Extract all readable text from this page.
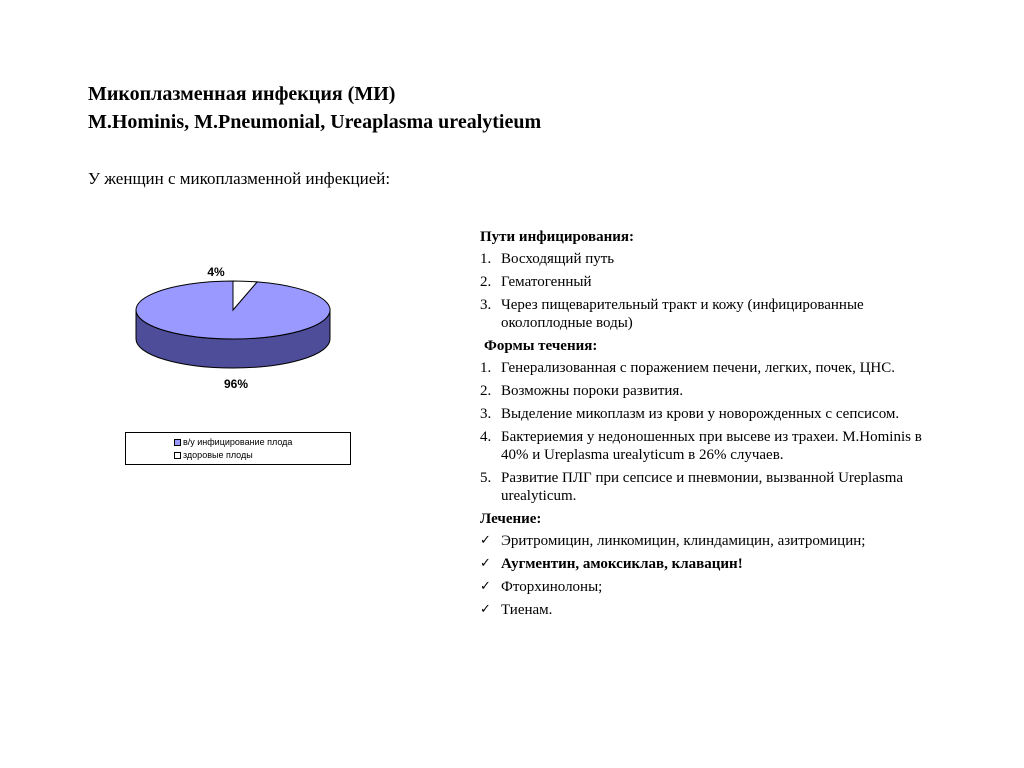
Микоплазменная инфекция (МИ)
M.Hominis, M.Pneumonial, Ureaplasma urealytieum
У женщин с микоплазменной инфекцией:
96%
4%
в/у инфицирование плода
здоровые плоды
Пути инфицирования:
1. Восходящий путь
2. Гематогенный
3. Через пищеварительный тракт и кожу (инфицированные околоплодные воды)
Формы течения:
1. Генерализованная с поражением печени, легких, почек, ЦНС.
2. Возможны пороки развития.
3. Выделение микоплазм из крови у новорожденных с сепсисом.
4. Бактериемия у недоношенных при высеве из трахеи. M.Hominis в 40% и Ureplasma urealyticum в 26% случаев.
5. Развитие ПЛГ при сепсисе и пневмонии, вызванной Ureplasma urealyticum.
Лечение:
✓ Эритромицин, линкомицин, клиндамицин, азитромицин;
✓ Аугментин, амоксиклав, клавацин!
✓ Фторхинолоны;
✓ Тиенам.
